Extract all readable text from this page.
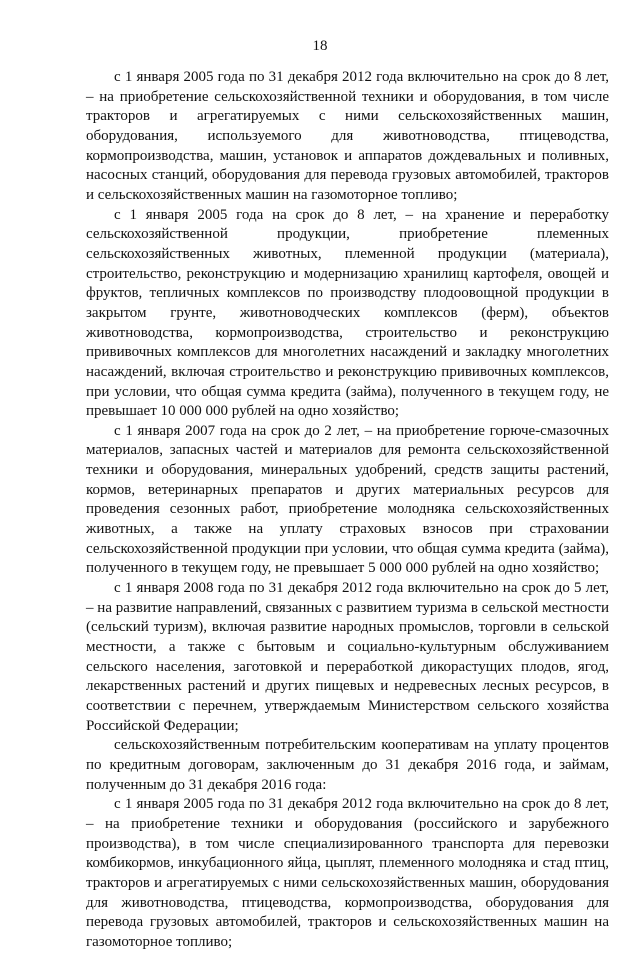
18

с 1 января 2005 года по 31 декабря 2012 года включительно на срок до 8 лет, – на приобретение сельскохозяйственной техники и оборудования, в том числе тракторов и агрегатируемых с ними сельскохозяйственных машин, оборудования, используемого для животноводства, птицеводства, кормопроизводства, машин, установок и аппаратов дождевальных и поливных, насосных станций, оборудования для перевода грузовых автомобилей, тракторов и сельскохозяйственных машин на газомоторное топливо;

с 1 января 2005 года на срок до 8 лет, – на хранение и переработку сельскохозяйственной продукции, приобретение племенных сельскохозяйственных животных, племенной продукции (материала), строительство, реконструкцию и модернизацию хранилищ картофеля, овощей и фруктов, тепличных комплексов по производству плодоовощной продукции в закрытом грунте, животноводческих комплексов (ферм), объектов животноводства, кормопроизводства, строительство и реконструкцию прививочных комплексов для многолетних насаждений и закладку многолетних насаждений, включая строительство и реконструкцию прививочных комплексов, при условии, что общая сумма кредита (займа), полученного в текущем году, не превышает 10 000 000 рублей на одно хозяйство;

с 1 января 2007 года на срок до 2 лет, – на приобретение горюче-смазочных материалов, запасных частей и материалов для ремонта сельскохозяйственной техники и оборудования, минеральных удобрений, средств защиты растений, кормов, ветеринарных препаратов и других материальных ресурсов для проведения сезонных работ, приобретение молодняка сельскохозяйственных животных, а также на уплату страховых взносов при страховании сельскохозяйственной продукции при условии, что общая сумма кредита (займа), полученного в текущем году, не превышает 5 000 000 рублей на одно хозяйство;

с 1 января 2008 года по 31 декабря 2012 года включительно на срок до 5 лет, – на развитие направлений, связанных с развитием туризма в сельской местности (сельский туризм), включая развитие народных промыслов, торговли в сельской местности, а также с бытовым и социально-культурным обслуживанием сельского населения, заготовкой и переработкой дикорастущих плодов, ягод, лекарственных растений и других пищевых и недревесных лесных ресурсов, в соответствии с перечнем, утверждаемым Министерством сельского хозяйства Российской Федерации;

сельскохозяйственным потребительским кооперативам на уплату процентов по кредитным договорам, заключенным до 31 декабря 2016 года, и займам, полученным до 31 декабря 2016 года:

с 1 января 2005 года по 31 декабря 2012 года включительно на срок до 8 лет, – на приобретение техники и оборудования (российского и зарубежного производства), в том числе специализированного транспорта для перевозки комбикормов, инкубационного яйца, цыплят, племенного молодняка и стад птиц, тракторов и агрегатируемых с ними сельскохозяйственных машин, оборудования для животноводства, птицеводства, кормопроизводства, оборудования для перевода грузовых автомобилей, тракторов и сельскохозяйственных машин на газомоторное топливо;
